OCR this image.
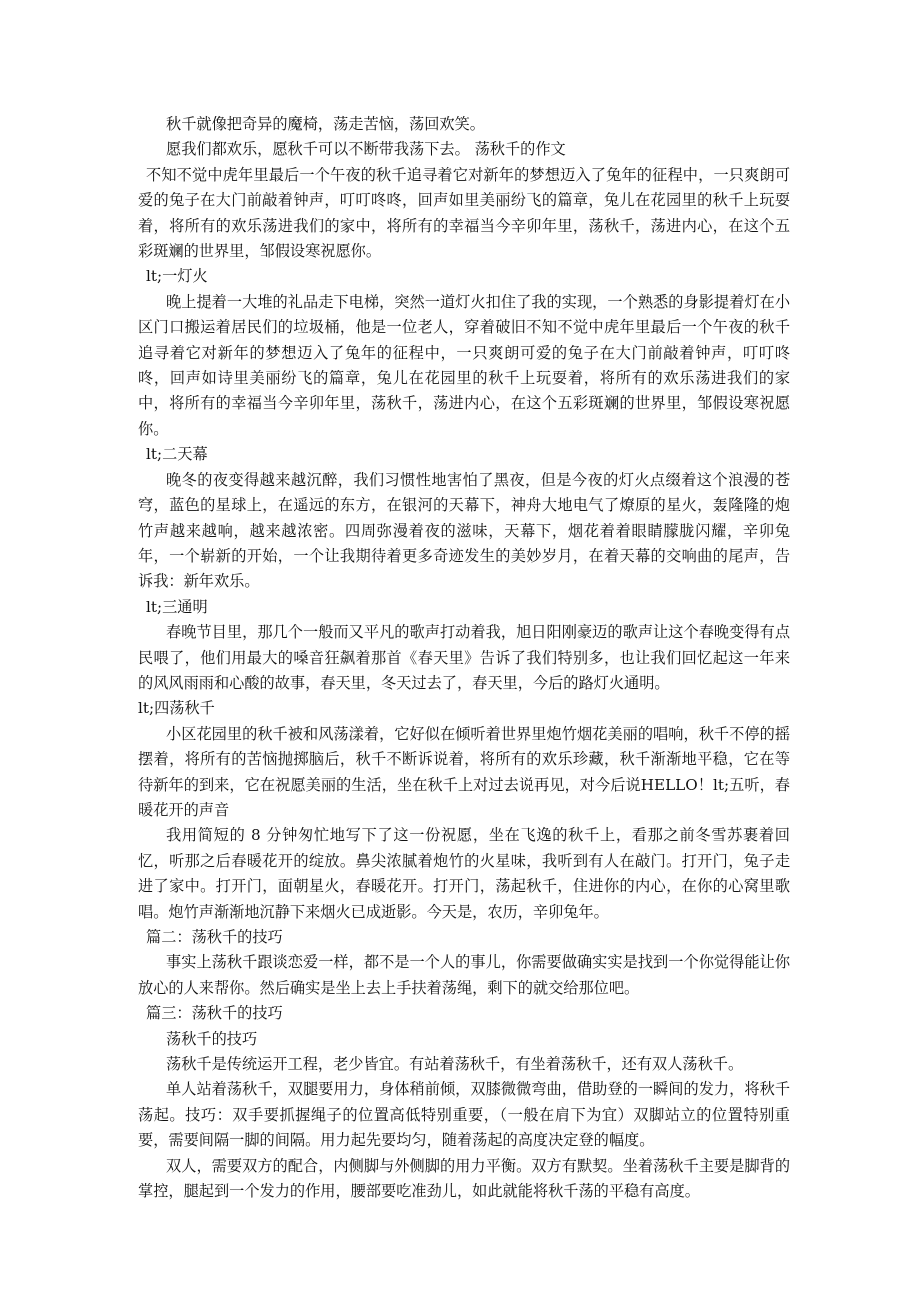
秋千就像把奇异的魔椅，荡走苦恼，荡回欢笑。

愿我们都欢乐，愿秋千可以不断带我荡下去。 荡秋千的作文

不知不觉中虎年里最后一个午夜的秋千追寻着它对新年的梦想迈入了兔年的征程中，一只爽朗可爱的兔子在大门前敲着钟声，叮叮咚咚，回声如里美丽纷飞的篇章，兔儿在花园里的秋千上玩耍着，将所有的欢乐荡进我们的家中，将所有的幸福当今辛卯年里，荡秋千，荡进内心，在这个五彩斑斓的世界里，邹假设寒祝愿你。

lt;一灯火

晚上提着一大堆的礼品走下电梯，突然一道灯火扣住了我的实现，一个熟悉的身影提着灯在小区门口搬运着居民们的垃圾桶，他是一位老人，穿着破旧不知不觉中虎年里最后一个午夜的秋千追寻着它对新年的梦想迈入了兔年的征程中，一只爽朗可爱的兔子在大门前敲着钟声，叮叮咚咚，回声如诗里美丽纷飞的篇章，兔儿在花园里的秋千上玩耍着，将所有的欢乐荡进我们的家中，将所有的幸福当今辛卯年里，荡秋千，荡进内心，在这个五彩斑斓的世界里，邹假设寒祝愿你。

lt;二天幕

晚冬的夜变得越来越沉醉，我们习惯性地害怕了黑夜，但是今夜的灯火点缀着这个浪漫的苍穹，蓝色的星球上，在遥远的东方，在银河的天幕下，神舟大地电气了燎原的星火，轰隆隆的炮竹声越来越响，越来越浓密。四周弥漫着夜的滋味，天幕下，烟花着着眼睛朦胧闪耀，辛卯兔年，一个崭新的开始，一个让我期待着更多奇迹发生的美妙岁月，在着天幕的交响曲的尾声，告诉我：新年欢乐。

lt;三通明

春晚节目里，那几个一般而又平凡的歌声打动着我，旭日阳刚豪迈的歌声让这个春晚变得有点民喂了，他们用最大的嗓音狂飙着那首《春天里》告诉了我们特别多，也让我们回忆起这一年来的风风雨雨和心酸的故事，春天里，冬天过去了，春天里，今后的路灯火通明。

lt;四荡秋千

小区花园里的秋千被和风荡漾着，它好似在倾听着世界里炮竹烟花美丽的唱响，秋千不停的摇摆着，将所有的苦恼抛掷脑后，秋千不断诉说着，将所有的欢乐珍藏，秋千渐渐地平稳，它在等待新年的到来，它在祝愿美丽的生活，坐在秋千上对过去说再见，对今后说HELLO！lt;五听，春暖花开的声音

我用简短的 8 分钟匆忙地写下了这一份祝愿，坐在飞逸的秋千上，看那之前冬雪苏裹着回忆，听那之后春暖花开的绽放。鼻尖浓腻着炮竹的火星味，我听到有人在敲门。打开门，兔子走进了家中。打开门，面朝星火，春暖花开。打开门，荡起秋千，住进你的内心，在你的心窝里歌唱。炮竹声渐渐地沉静下来烟火已成逝影。今天是，农历，辛卯兔年。

篇二：荡秋千的技巧

事实上荡秋千跟谈恋爱一样，都不是一个人的事儿，你需要做确实实是找到一个你觉得能让你放心的人来帮你。然后确实是坐上去上手扶着荡绳，剩下的就交给那位吧。

篇三：荡秋千的技巧

荡秋千的技巧

荡秋千是传统运开工程，老少皆宜。有站着荡秋千，有坐着荡秋千，还有双人荡秋千。

单人站着荡秋千，双腿要用力，身体稍前倾，双膝微微弯曲，借助登的一瞬间的发力，将秋千荡起。技巧：双手要抓握绳子的位置高低特别重要，（一般在肩下为宜）双脚站立的位置特别重要，需要间隔一脚的间隔。用力起先要均匀，随着荡起的高度决定登的幅度。

双人，需要双方的配合，内侧脚与外侧脚的用力平衡。双方有默契。坐着荡秋千主要是脚背的掌控，腿起到一个发力的作用，腰部要吃准劲儿，如此就能将秋千荡的平稳有高度。
